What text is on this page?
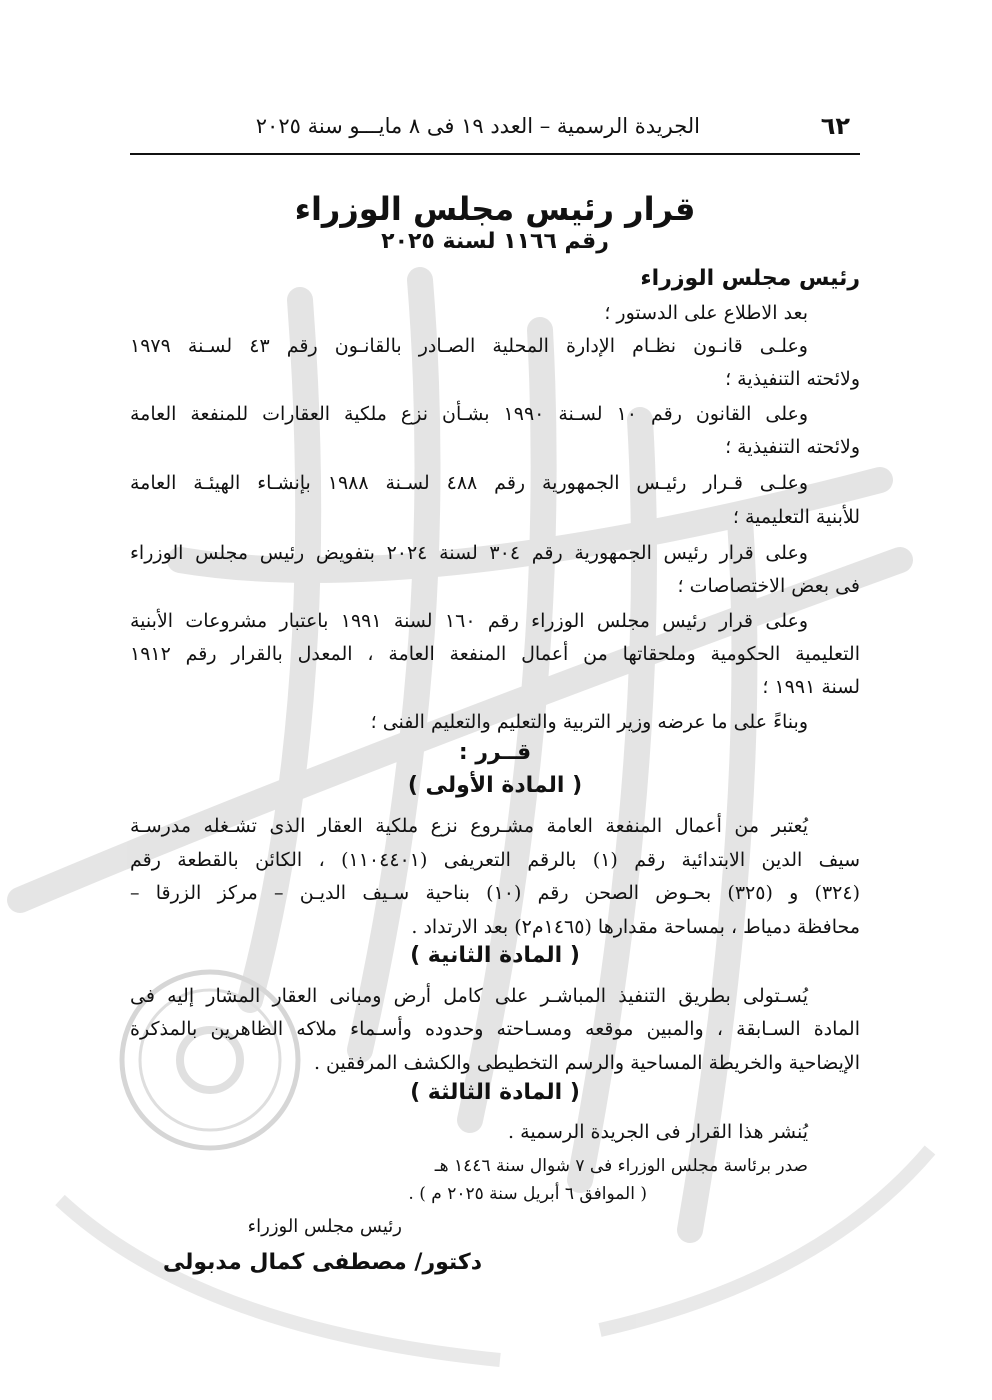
٦٢
الجريدة الرسمية – العدد ١٩ فى ٨ مايـــو سنة ٢٠٢٥
قرار رئيس مجلس الوزراء
رقم ١١٦٦ لسنة ٢٠٢٥
رئيس مجلس الوزراء
بعد الاطلاع على الدستور ؛
وعلـى قانـون نظـام الإدارة المحلية الصـادر بالقانـون رقم ٤٣ لسـنة ١٩٧٩
ولائحته التنفيذية ؛
وعلى القانون رقم ١٠ لسـنة ١٩٩٠ بشـأن نزع ملكية العقارات للمنفعة العامة
ولائحته التنفيذية ؛
وعلـى قـرار رئيـس الجمهورية رقم ٤٨٨ لسـنة ١٩٨٨ بإنشـاء الهيئـة العامة
للأبنية التعليمية ؛
وعلى قرار رئيس الجمهورية رقم ٣٠٤ لسنة ٢٠٢٤ بتفويض رئيس مجلس الوزراء
فى بعض الاختصاصات ؛
وعلى قرار رئيس مجلس الوزراء رقم ١٦٠ لسنة ١٩٩١ باعتبار مشروعات الأبنية
التعليمية الحكومية وملحقاتها من أعمال المنفعة العامة ، المعدل بالقرار رقم ١٩١٢
لسنة ١٩٩١ ؛
وبناءً على ما عرضه وزير التربية والتعليم والتعليم الفنى ؛
قــرر :
( المادة الأولى )
يُعتبر من أعمال المنفعة العامة مشـروع نزع ملكية العقار الذى تشـغله مدرسـة
سيف الدين الابتدائية رقم (١) بالرقم التعريفى (١١٠٤٤٠١) ، الكائن بالقطعة رقم
(٣٢٤) و (٣٢٥) بحـوض الصحن رقم (١٠) بناحية سـيف الديـن – مركز الزرقا –
محافظة دمياط ، بمساحة مقدارها (١٤٦٥م٢) بعد الارتداد .
( المادة الثانية )
يُسـتولى بطريق التنفيذ المباشـر على كامل أرض ومبانى العقار المشار إليه فى
المادة السـابقة ، والمبين موقعه ومسـاحته وحدوده وأسـماء ملاكه الظاهرين بالمذكرة
الإيضاحية والخريطة المساحية والرسم التخطيطى والكشف المرفقين .
( المادة الثالثة )
يُنشر هذا القرار فى الجريدة الرسمية .
صدر برئاسة مجلس الوزراء فى ٧ شوال سنة ١٤٤٦ هـ
( الموافق ٦ أبريل سنة ٢٠٢٥ م ) .
رئيس مجلس الوزراء
دكتور/ مصطفى كمال مدبولى
